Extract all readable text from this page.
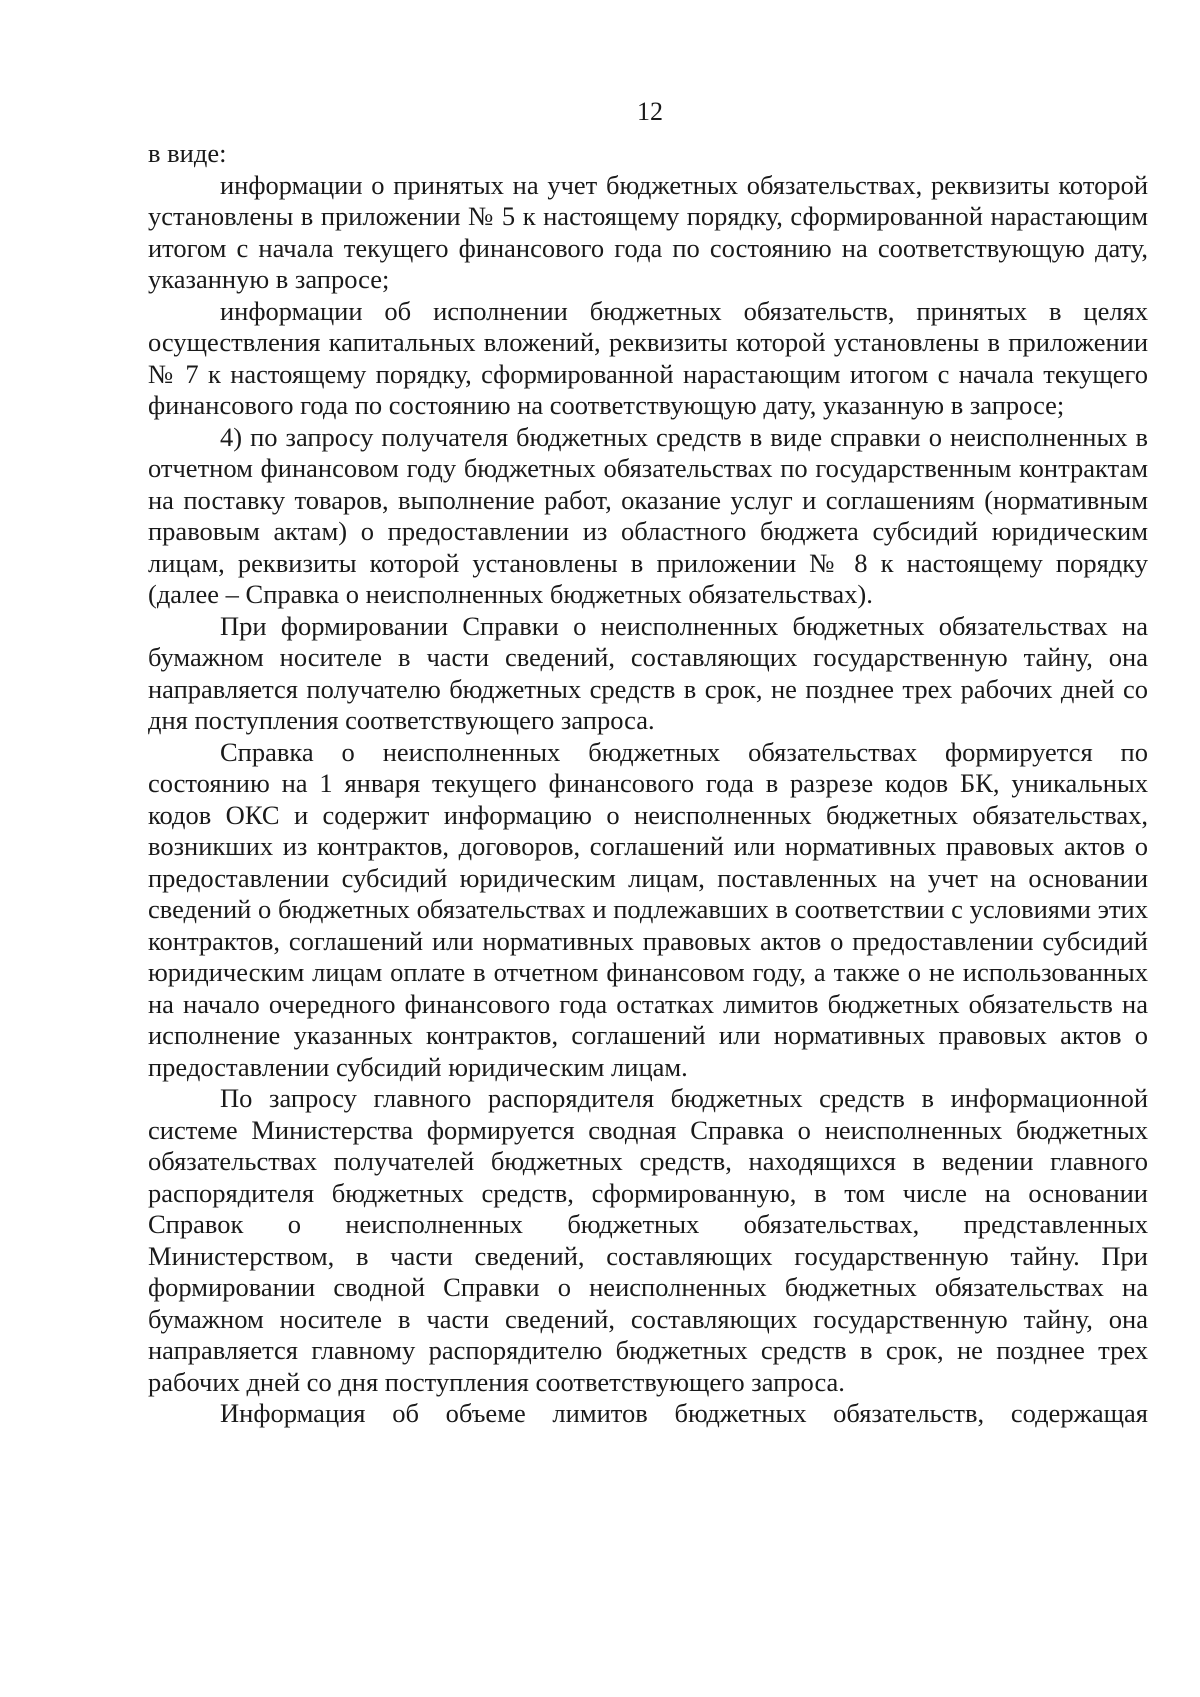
12

в виде:

информации о принятых на учет бюджетных обязательствах, реквизиты которой установлены в приложении № 5 к настоящему порядку, сформированной нарастающим итогом с начала текущего финансового года по состоянию на соответствующую дату, указанную в запросе;

информации об исполнении бюджетных обязательств, принятых в целях осуществления капитальных вложений, реквизиты которой установлены в приложении № 7 к настоящему порядку, сформированной нарастающим итогом с начала текущего финансового года по состоянию на соответствующую дату, указанную в запросе;

4) по запросу получателя бюджетных средств в виде справки о неисполненных в отчетном финансовом году бюджетных обязательствах по государственным контрактам на поставку товаров, выполнение работ, оказание услуг и соглашениям (нормативным правовым актам) о предоставлении из областного бюджета субсидий юридическим лицам, реквизиты которой установлены в приложении № 8 к настоящему порядку (далее – Справка о неисполненных бюджетных обязательствах).

При формировании Справки о неисполненных бюджетных обязательствах на бумажном носителе в части сведений, составляющих государственную тайну, она направляется получателю бюджетных средств в срок, не позднее трех рабочих дней со дня поступления соответствующего запроса.

Справка о неисполненных бюджетных обязательствах формируется по состоянию на 1 января текущего финансового года в разрезе кодов БК, уникальных кодов ОКС и содержит информацию о неисполненных бюджетных обязательствах, возникших из контрактов, договоров, соглашений или нормативных правовых актов о предоставлении субсидий юридическим лицам, поставленных на учет на основании сведений о бюджетных обязательствах и подлежавших в соответствии с условиями этих контрактов, соглашений или нормативных правовых актов о предоставлении субсидий юридическим лицам оплате в отчетном финансовом году, а также о не использованных на начало очередного финансового года остатках лимитов бюджетных обязательств на исполнение указанных контрактов, соглашений или нормативных правовых актов о предоставлении субсидий юридическим лицам.

По запросу главного распорядителя бюджетных средств в информационной системе Министерства формируется сводная Справка о неисполненных бюджетных обязательствах получателей бюджетных средств, находящихся в ведении главного распорядителя бюджетных средств, сформированную, в том числе на основании Справок о неисполненных бюджетных обязательствах, представленных Министерством, в части сведений, составляющих государственную тайну. При формировании сводной Справки о неисполненных бюджетных обязательствах на бумажном носителе в части сведений, составляющих государственную тайну, она направляется главному распорядителю бюджетных средств в срок, не позднее трех рабочих дней со дня поступления соответствующего запроса.

Информация об объеме лимитов бюджетных обязательств, содержащая
